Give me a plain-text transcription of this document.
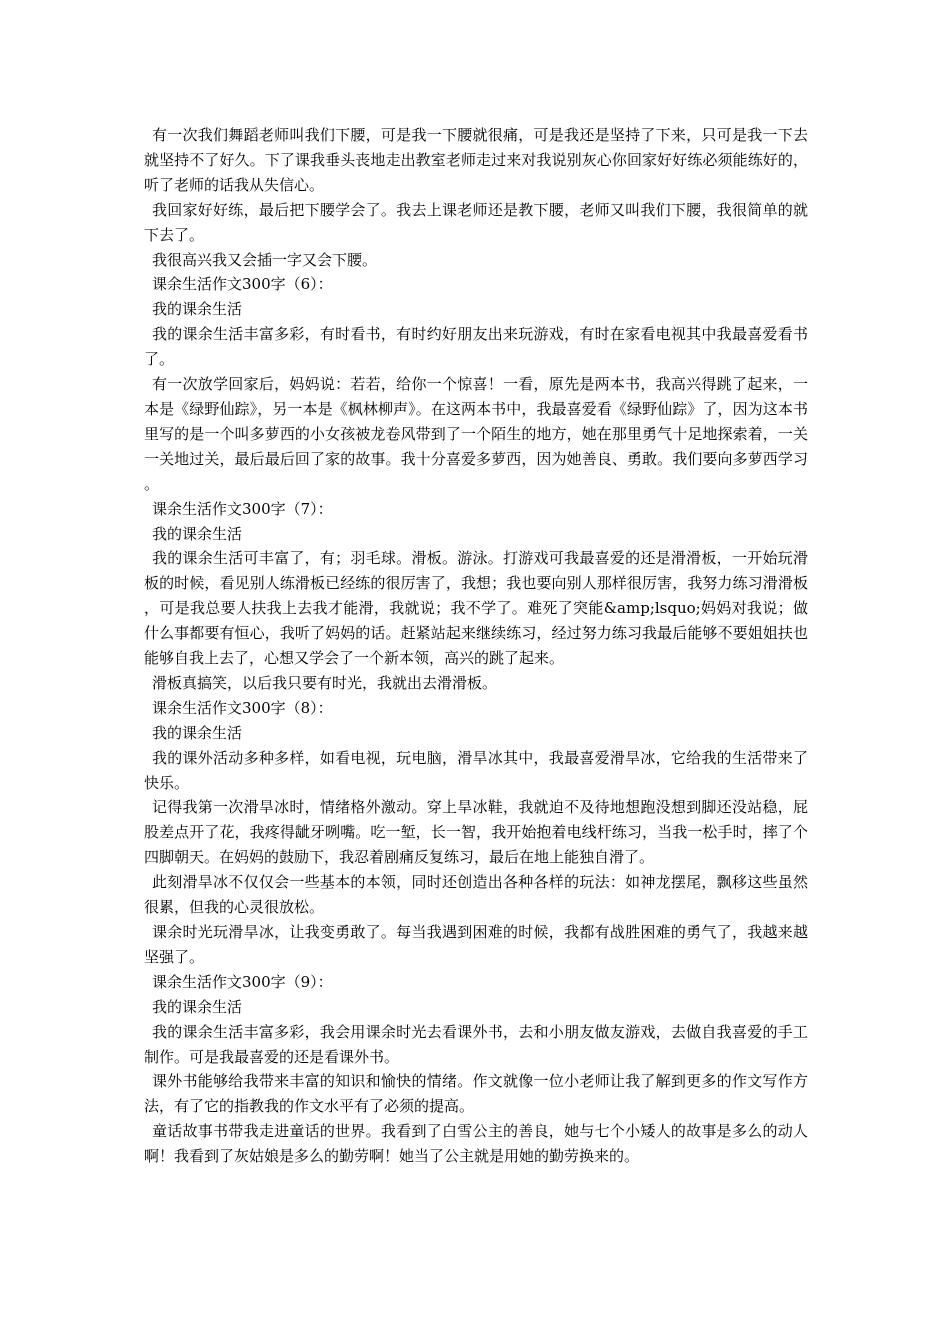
有一次我们舞蹈老师叫我们下腰，可是我一下腰就很痛，可是我还是坚持了下来，只可是我一下去就坚持不了好久。下了课我垂头丧地走出教室老师走过来对我说别灰心你回家好好练必须能练好的，听了老师的话我从失信心。

我回家好好练，最后把下腰学会了。我去上课老师还是教下腰，老师又叫我们下腰，我很简单的就下去了。

我很高兴我又会插一字又会下腰。

课余生活作文300字（6）：

我的课余生活

我的课余生活丰富多彩，有时看书，有时约好朋友出来玩游戏，有时在家看电视其中我最喜爱看书了。

有一次放学回家后，妈妈说：若若，给你一个惊喜！一看，原先是两本书，我高兴得跳了起来，一本是《绿野仙踪》，另一本是《枫林柳声》。在这两本书中，我最喜爱看《绿野仙踪》了，因为这本书里写的是一个叫多萝西的小女孩被龙卷风带到了一个陌生的地方，她在那里勇气十足地探索着，一关一关地过关，最后最后回了家的故事。我十分喜爱多萝西，因为她善良、勇敢。我们要向多萝西学习。

课余生活作文300字（7）：

我的课余生活

我的课余生活可丰富了，有；羽毛球。滑板。游泳。打游戏可我最喜爱的还是滑滑板，一开始玩滑板的时候，看见别人练滑板已经练的很厉害了，我想；我也要向别人那样很厉害，我努力练习滑滑板，可是我总要人扶我上去我才能滑，我就说；我不学了。难死了突能&amp;lsquo;妈妈对我说；做什么事都要有恒心，我听了妈妈的话。赶紧站起来继续练习，经过努力练习我最后能够不要姐姐扶也能够自我上去了，心想又学会了一个新本领，高兴的跳了起来。

滑板真搞笑，以后我只要有时光，我就出去滑滑板。

课余生活作文300字（8）：

我的课余生活

我的课外活动多种多样，如看电视，玩电脑，滑旱冰其中，我最喜爱滑旱冰，它给我的生活带来了快乐。

记得我第一次滑旱冰时，情绪格外激动。穿上旱冰鞋，我就迫不及待地想跑没想到脚还没站稳，屁股差点开了花，我疼得龇牙咧嘴。吃一堑，长一智，我开始抱着电线杆练习，当我一松手时，摔了个四脚朝天。在妈妈的鼓励下，我忍着剧痛反复练习，最后在地上能独自滑了。

此刻滑旱冰不仅仅会一些基本的本领，同时还创造出各种各样的玩法：如神龙摆尾，飘移这些虽然很累，但我的心灵很放松。

课余时光玩滑旱冰，让我变勇敢了。每当我遇到困难的时候，我都有战胜困难的勇气了，我越来越坚强了。

课余生活作文300字（9）：

我的课余生活

我的课余生活丰富多彩，我会用课余时光去看课外书，去和小朋友做友游戏，去做自我喜爱的手工制作。可是我最喜爱的还是看课外书。

课外书能够给我带来丰富的知识和愉快的情绪。作文就像一位小老师让我了解到更多的作文写作方法，有了它的指教我的作文水平有了必须的提高。

童话故事书带我走进童话的世界。我看到了白雪公主的善良，她与七个小矮人的故事是多么的动人啊！我看到了灰姑娘是多么的勤劳啊！她当了公主就是用她的勤劳换来的。
